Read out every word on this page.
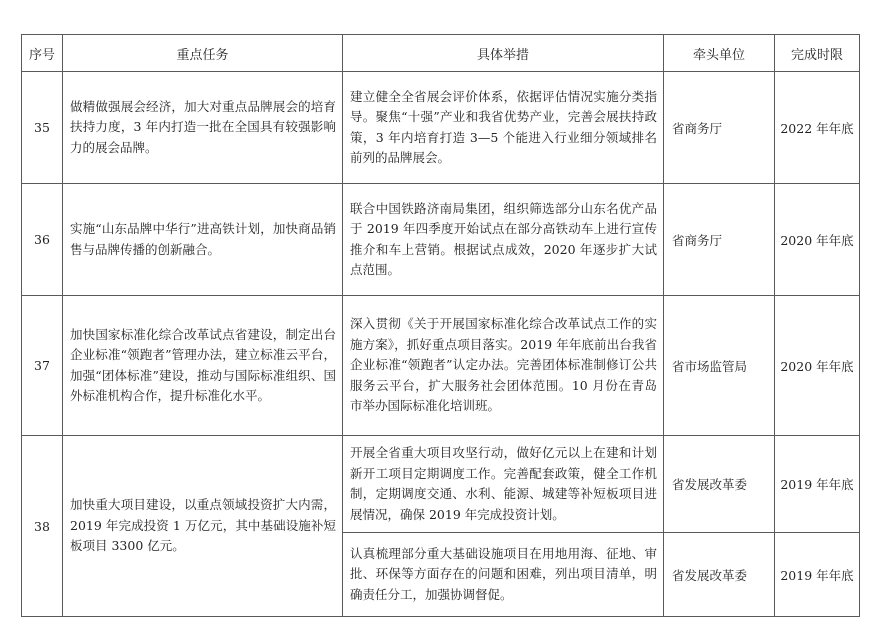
序号	重点任务	具体举措	牵头单位	完成时限
35	做精做强展会经济，加大对重点品牌展会的培育扶持力度，3 年内打造一批在全国具有较强影响力的展会品牌。	建立健全全省展会评价体系，依据评估情况实施分类指导。聚焦“十强”产业和我省优势产业，完善会展扶持政策，3 年内培育打造 3—5 个能进入行业细分领域排名前列的品牌展会。	省商务厅	2022 年年底
36	实施“山东品牌中华行”进高铁计划，加快商品销售与品牌传播的创新融合。	联合中国铁路济南局集团，组织筛选部分山东名优产品于 2019 年四季度开始试点在部分高铁动车上进行宣传推介和车上营销。根据试点成效，2020 年逐步扩大试点范围。	省商务厅	2020 年年底
37	加快国家标准化综合改革试点省建设，制定出台企业标准“领跑者”管理办法，建立标准云平台，加强“团体标准”建设，推动与国际标准组织、国外标准机构合作，提升标准化水平。	深入贯彻《关于开展国家标准化综合改革试点工作的实施方案》，抓好重点项目落实。2019 年年底前出台我省企业标准“领跑者”认定办法。完善团体标准制修订公共服务云平台，扩大服务社会团体范围。10 月份在青岛市举办国际标准化培训班。	省市场监管局	2020 年年底
38	加快重大项目建设，以重点领域投资扩大内需，2019 年完成投资 1 万亿元，其中基础设施补短板项目 3300 亿元。	开展全省重大项目攻坚行动，做好亿元以上在建和计划新开工项目定期调度工作。完善配套政策，健全工作机制，定期调度交通、水利、能源、城建等补短板项目进展情况，确保 2019 年完成投资计划。	省发展改革委	2019 年年底
		认真梳理部分重大基础设施项目在用地用海、征地、审批、环保等方面存在的问题和困难，列出项目清单，明确责任分工，加强协调督促。	省发展改革委	2019 年年底
